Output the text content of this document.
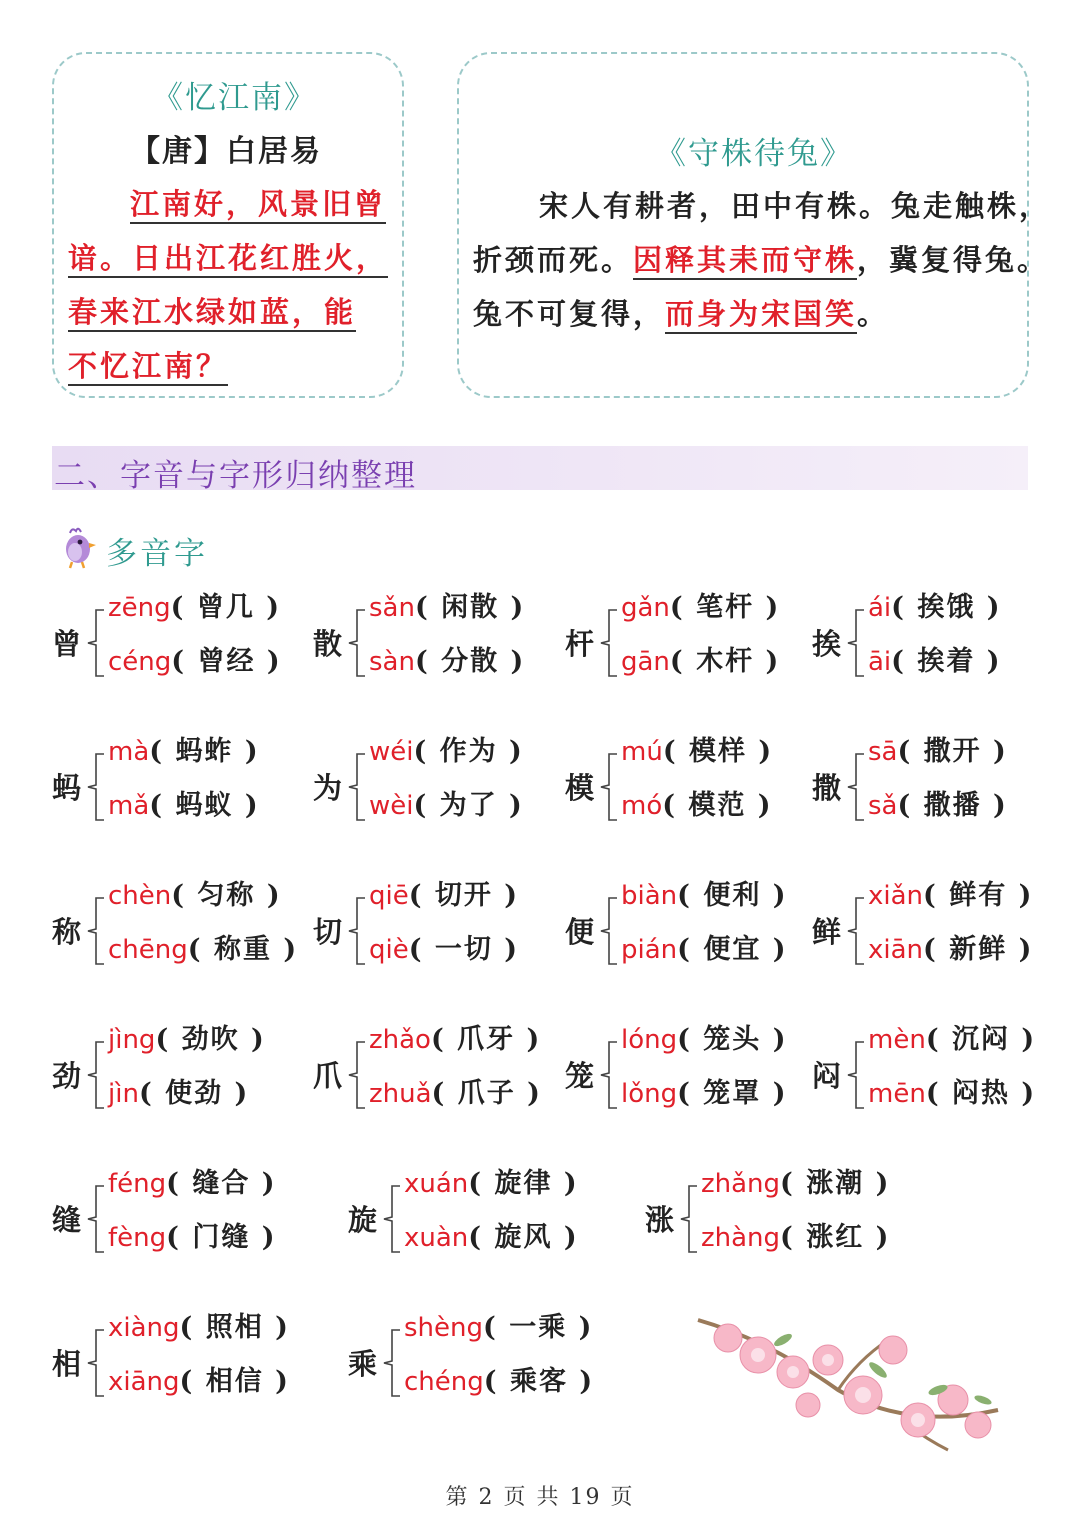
《忆江南》
【唐】白居易
江南好，风景旧曾
谙。日出江花红胜火，
春来江水绿如蓝，能
不忆江南？
《守株待兔》
宋人有耕者，田中有株。兔走触株，
折颈而死。因释其耒而守株，冀复得兔。
兔不可复得，而身为宋国笑。
二、字音与字形归纳整理
多音字
曾
zēng( 曾几 )
céng( 曾经 )
散
sǎn( 闲散 )
sàn( 分散 )
杆
gǎn( 笔杆 )
gān( 木杆 )
挨
ái( 挨饿 )
āi( 挨着 )
蚂
mà( 蚂蚱 )
mǎ( 蚂蚁 )
为
wéi( 作为 )
wèi( 为了 )
模
mú( 模样 )
mó( 模范 )
撒
sā( 撒开 )
sǎ( 撒播 )
称
chèn( 匀称 )
chēng( 称重 )
切
qiē( 切开 )
qiè( 一切 )
便
biàn( 便利 )
pián( 便宜 )
鲜
xiǎn( 鲜有 )
xiān( 新鲜 )
劲
jìng( 劲吹 )
jìn( 使劲 )
爪
zhǎo( 爪牙 )
zhuǎ( 爪子 )
笼
lóng( 笼头 )
lǒng( 笼罩 )
闷
mèn( 沉闷 )
mēn( 闷热 )
缝
féng( 缝合 )
fèng( 门缝 )
旋
xuán( 旋律 )
xuàn( 旋风 )
涨
zhǎng( 涨潮 )
zhàng( 涨红 )
相
xiàng( 照相 )
xiāng( 相信 )
乘
shèng( 一乘 )
chéng( 乘客 )
第 2 页 共 19 页
